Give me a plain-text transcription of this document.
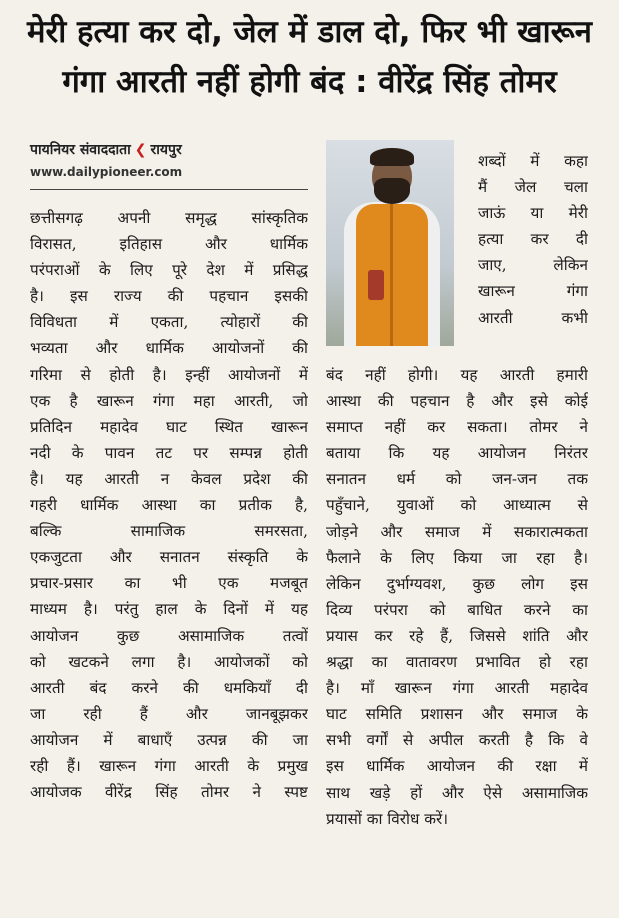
मेरी हत्या कर दो, जेल में डाल दो, फिर भी खारून
गंगा आरती नहीं होगी बंद : वीरेंद्र सिंह तोमर
पायनियर संवाददाता ❮ रायपुर
www.dailypioneer.com
छत्तीसगढ़ अपनी समृद्ध सांस्कृतिक
विरासत, इतिहास और धार्मिक
परंपराओं के लिए पूरे देश में प्रसिद्ध
है। इस राज्य की पहचान इसकी
विविधता में एकता, त्योहारों की
भव्यता और धार्मिक आयोजनों की
गरिमा से होती है। इन्हीं आयोजनों में
एक है खारून गंगा महा आरती, जो
प्रतिदिन महादेव घाट स्थित खारून
नदी के पावन तट पर सम्पन्न होती
है। यह आरती न केवल प्रदेश की
गहरी धार्मिक आस्था का प्रतीक है,
बल्कि सामाजिक समरसता,
एकजुटता और सनातन संस्कृति के
प्रचार-प्रसार का भी एक मजबूत
माध्यम है। परंतु हाल के दिनों में यह
आयोजन कुछ असामाजिक तत्वों
को खटकने लगा है। आयोजकों को
आरती बंद करने की धमकियाँ दी
जा रही हैं और जानबूझकर
आयोजन में बाधाएँ उत्पन्न की जा
रही हैं। खारून गंगा आरती के प्रमुख
आयोजक वीरेंद्र सिंह तोमर ने स्पष्ट
शब्दों में कहा
मैं जेल चला
जाऊं या मेरी
हत्या कर दी
जाए, लेकिन
खारून गंगा
आरती कभी
बंद नहीं होगी। यह आरती हमारी
आस्था की पहचान है और इसे कोई
समाप्त नहीं कर सकता। तोमर ने
बताया कि यह आयोजन निरंतर
सनातन धर्म को जन-जन तक
पहुँचाने, युवाओं को आध्यात्म से
जोड़ने और समाज में सकारात्मकता
फैलाने के लिए किया जा रहा है।
लेकिन दुर्भाग्यवश, कुछ लोग इस
दिव्य परंपरा को बाधित करने का
प्रयास कर रहे हैं, जिससे शांति और
श्रद्धा का वातावरण प्रभावित हो रहा
है। माँ खारून गंगा आरती महादेव
घाट समिति प्रशासन और समाज के
सभी वर्गों से अपील करती है कि वे
इस धार्मिक आयोजन की रक्षा में
साथ खड़े हों और ऐसे असामाजिक
प्रयासों का विरोध करें।
